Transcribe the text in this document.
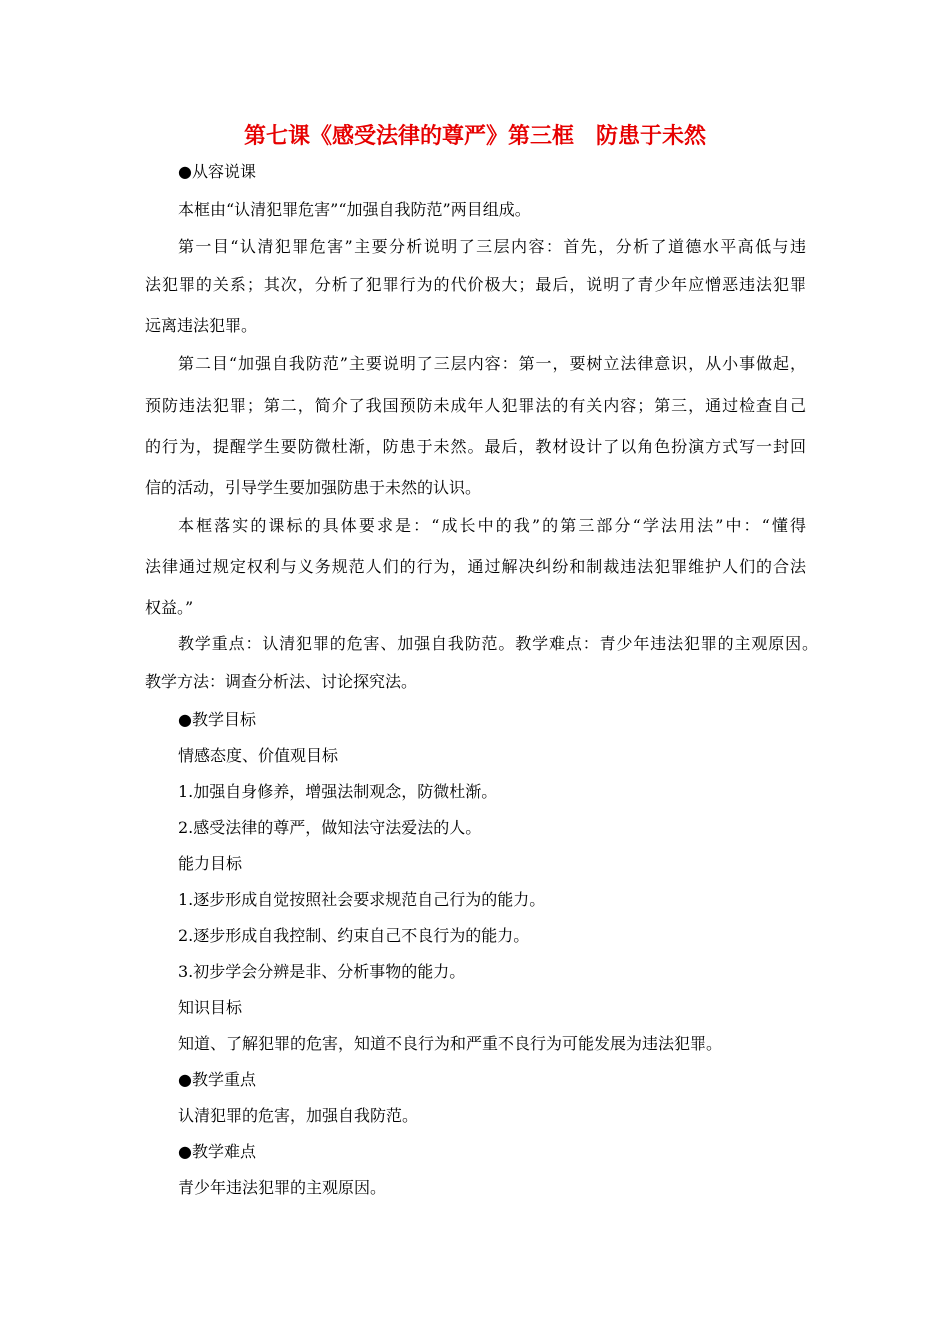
第七课《感受法律的尊严》第三框　防患于未然
●从容说课
本框由“认清犯罪危害”“加强自我防范”两目组成。
第一目“认清犯罪危害”主要分析说明了三层内容：首先，分析了道德水平高低与违
法犯罪的关系；其次，分析了犯罪行为的代价极大；最后，说明了青少年应憎恶违法犯罪
远离违法犯罪。
第二目“加强自我防范”主要说明了三层内容：第一，要树立法律意识，从小事做起，
预防违法犯罪；第二，简介了我国预防未成年人犯罪法的有关内容；第三，通过检查自己
的行为，提醒学生要防微杜渐，防患于未然。最后，教材设计了以角色扮演方式写一封回
信的活动，引导学生要加强防患于未然的认识。
本框落实的课标的具体要求是：“成长中的我”的第三部分“学法用法”中：“懂得
法律通过规定权利与义务规范人们的行为，通过解决纠纷和制裁违法犯罪维护人们的合法
权益。”
教学重点：认清犯罪的危害、加强自我防范。教学难点：青少年违法犯罪的主观原因。
教学方法：调查分析法、讨论探究法。
●教学目标
情感态度、价值观目标
1.加强自身修养，增强法制观念，防微杜渐。
2.感受法律的尊严，做知法守法爱法的人。
能力目标
1.逐步形成自觉按照社会要求规范自己行为的能力。
2.逐步形成自我控制、约束自己不良行为的能力。
3.初步学会分辨是非、分析事物的能力。
知识目标
知道、了解犯罪的危害，知道不良行为和严重不良行为可能发展为违法犯罪。
●教学重点
认清犯罪的危害，加强自我防范。
●教学难点
青少年违法犯罪的主观原因。
